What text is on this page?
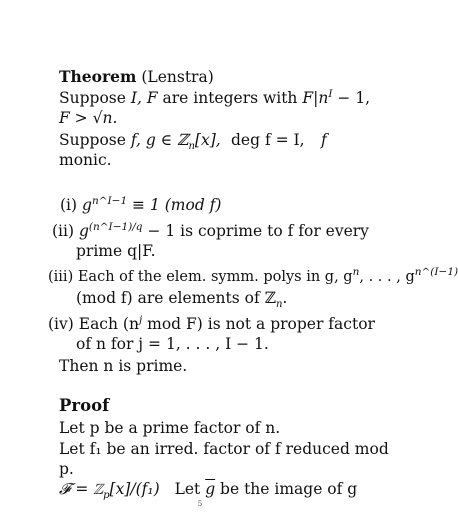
Theorem (Lenstra)
Suppose I, F are integers with $F|n^I - 1$,
F > √n.
Suppose f, g ∈ ℤ$_n$[x], deg f = I, f
monic.
(i) $g^{n\^{}I-1} \equiv 1$ (mod f)
(ii) $g^{(n\^{}I-1)/q} - 1$ is coprime to f for every
prime q|F.
(iii) Each of the elem. symm. polys in g, $g^n$, . . . , $g^{n\^{}(I-1)}$
(mod f) are elements of ℤ$_n$.
(iv) Each ($n^j$ mod F) is not a proper factor
of n for j = 1, . . . , I − 1.
Then n is prime.
Proof
Let p be a prime factor of n.
Let f₁ be an irred. factor of f reduced mod
p.
𝓕 = ℤ$_p$[x]/(f₁) Let $\overline{g}$ be the image of g
5
